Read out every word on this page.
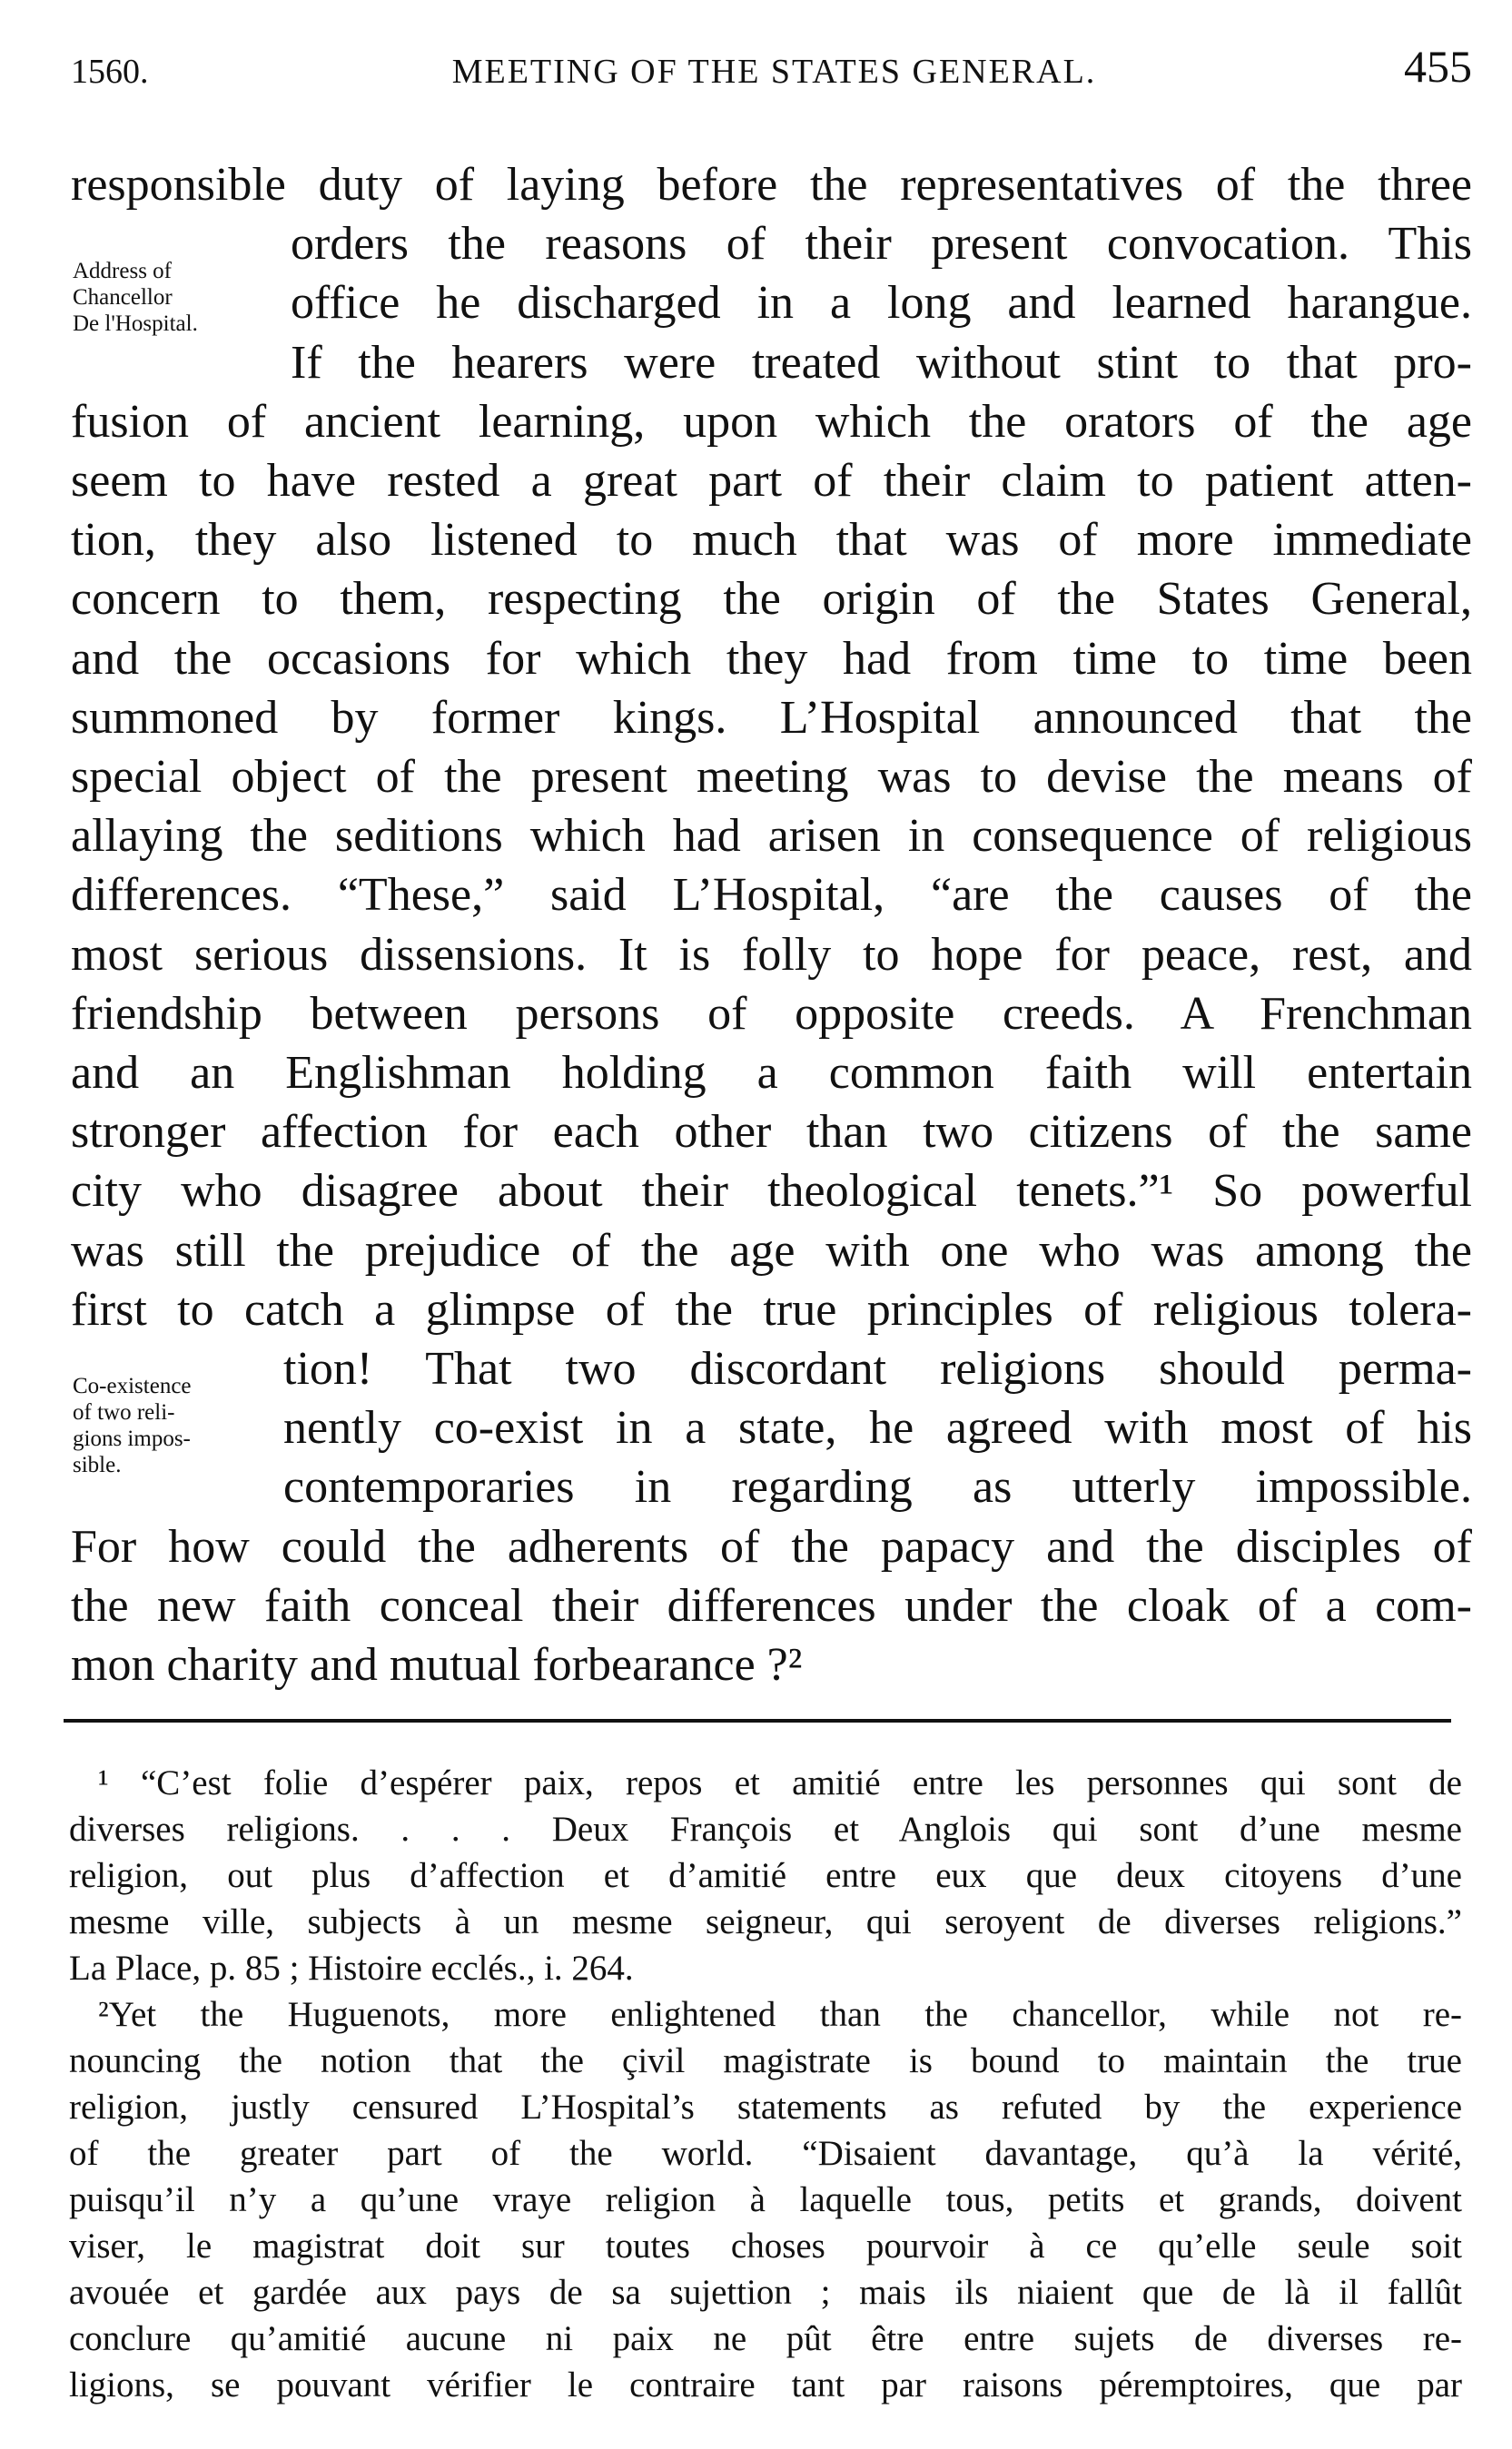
1560.	MEETING OF THE STATES GENERAL.	455
responsible duty of laying before the representatives of the three
orders the reasons of their present convocation. This
office he discharged in a long and learned harangue.
If the hearers were treated without stint to that pro-
fusion of ancient learning, upon which the orators of the age
seem to have rested a great part of their claim to patient atten-
tion, they also listened to much that was of more immediate
concern to them, respecting the origin of the States General,
and the occasions for which they had from time to time been
summoned by former kings. L’Hospital announced that the
special object of the present meeting was to devise the means of
allaying the seditions which had arisen in consequence of religious
differences. “These,” said L’Hospital, “are the causes of the
most serious dissensions. It is folly to hope for peace, rest, and
friendship between persons of opposite creeds. A Frenchman
and an Englishman holding a common faith will entertain
stronger affection for each other than two citizens of the same
city who disagree about their theological tenets.”¹ So powerful
was still the prejudice of the age with one who was among the
first to catch a glimpse of the true principles of religious tolera-
tion! That two discordant religions should perma-
nently co-exist in a state, he agreed with most of his
contemporaries in regarding as utterly impossible.
For how could the adherents of the papacy and the disciples of
the new faith conceal their differences under the cloak of a com-
mon charity and mutual forbearance ?²
Address of
Chancellor
De l'Hospital.
Co-existence
of two reli-
gions impos-
sible.
¹ “C’est folie d’espérer paix, repos et amitié entre les personnes qui sont de
diverses religions. . . . Deux François et Anglois qui sont d’une mesme
religion, out plus d’affection et d’amitié entre eux que deux citoyens d’une
mesme ville, subjects à un mesme seigneur, qui seroyent de diverses religions.”
La Place, p. 85 ; Histoire ecclés., i. 264.
²Yet the Huguenots, more enlightened than the chancellor, while not re-
nouncing the notion that the çivil magistrate is bound to maintain the true
religion, justly censured L’Hospital’s statements as refuted by the experience
of the greater part of the world. “Disaient davantage, qu’à la vérité,
puisqu’il n’y a qu’une vraye religion à laquelle tous, petits et grands, doivent
viser, le magistrat doit sur toutes choses pourvoir à ce qu’elle seule soit
avouée et gardée aux pays de sa sujettion ; mais ils niaient que de là il fallût
conclure qu’amitié aucune ni paix ne pût être entre sujets de diverses re-
ligions, se pouvant vérifier le contraire tant par raisons péremptoires, que par
